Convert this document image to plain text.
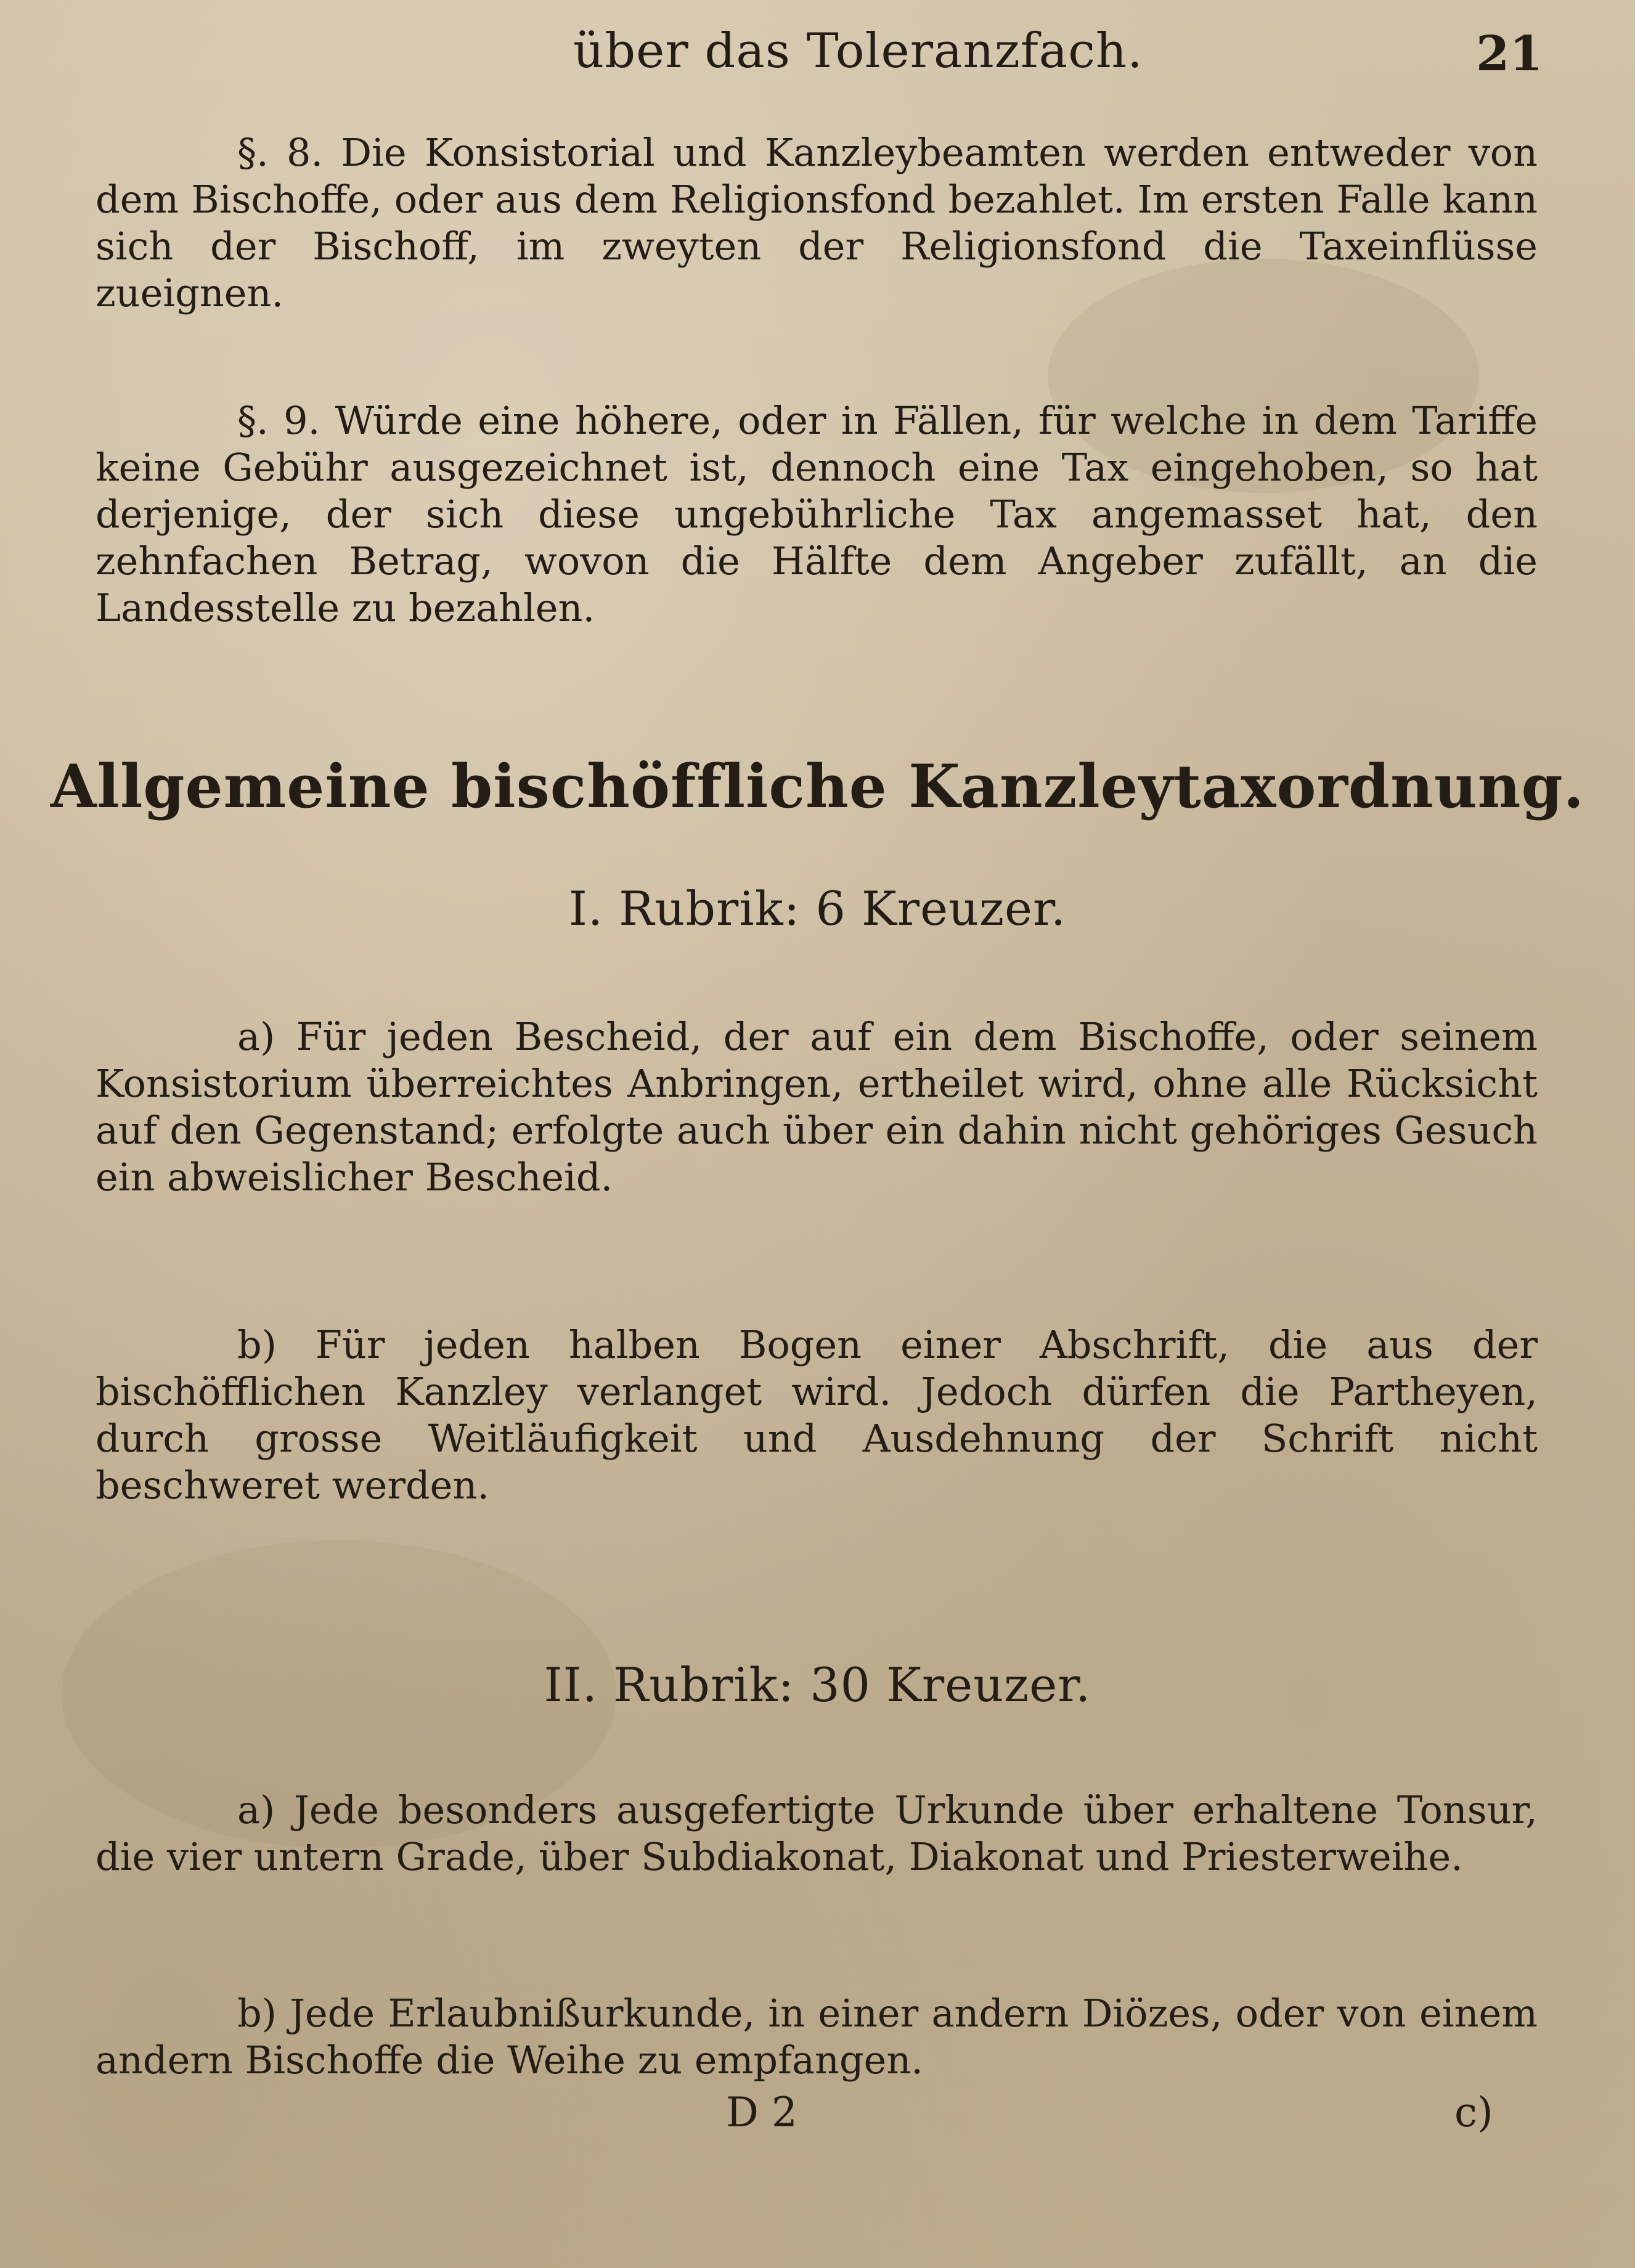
über das Toleranzfach.	21
§. 8. Die Konsistorial und Kanzleybeamten werden entweder von dem Bischoffe, oder aus dem Religionsfond bezahlet. Im ersten Falle kann sich der Bischoff, im zweyten der Religionsfond die Taxeinflüsse zueignen.
§. 9. Würde eine höhere, oder in Fällen, für welche in dem Tariffe keine Gebühr ausgezeichnet ist, dennoch eine Tax eingehoben, so hat derjenige, der sich diese ungebührliche Tax angemasset hat, den zehnfachen Betrag, wovon die Hälfte dem Angeber zufällt, an die Landesstelle zu bezahlen.
Allgemeine bischöffliche Kanzleytaxordnung.
I. Rubrik: 6 Kreuzer.
a) Für jeden Bescheid, der auf ein dem Bischoffe, oder seinem Konsistorium überreichtes Anbringen, ertheilet wird, ohne alle Rücksicht auf den Gegenstand; erfolgte auch über ein dahin nicht gehöriges Gesuch ein abweislicher Bescheid.
b) Für jeden halben Bogen einer Abschrift, die aus der bischöfflichen Kanzley verlanget wird. Jedoch dürfen die Partheyen, durch grosse Weitläufigkeit und Ausdehnung der Schrift nicht beschweret werden.
II. Rubrik: 30 Kreuzer.
a) Jede besonders ausgefertigte Urkunde über erhaltene Tonsur, die vier untern Grade, über Subdiakonat, Diakonat und Priesterweihe.
b) Jede Erlaubnißurkunde, in einer andern Diözes, oder von einem andern Bischoffe die Weihe zu empfangen.
D 2	c)
